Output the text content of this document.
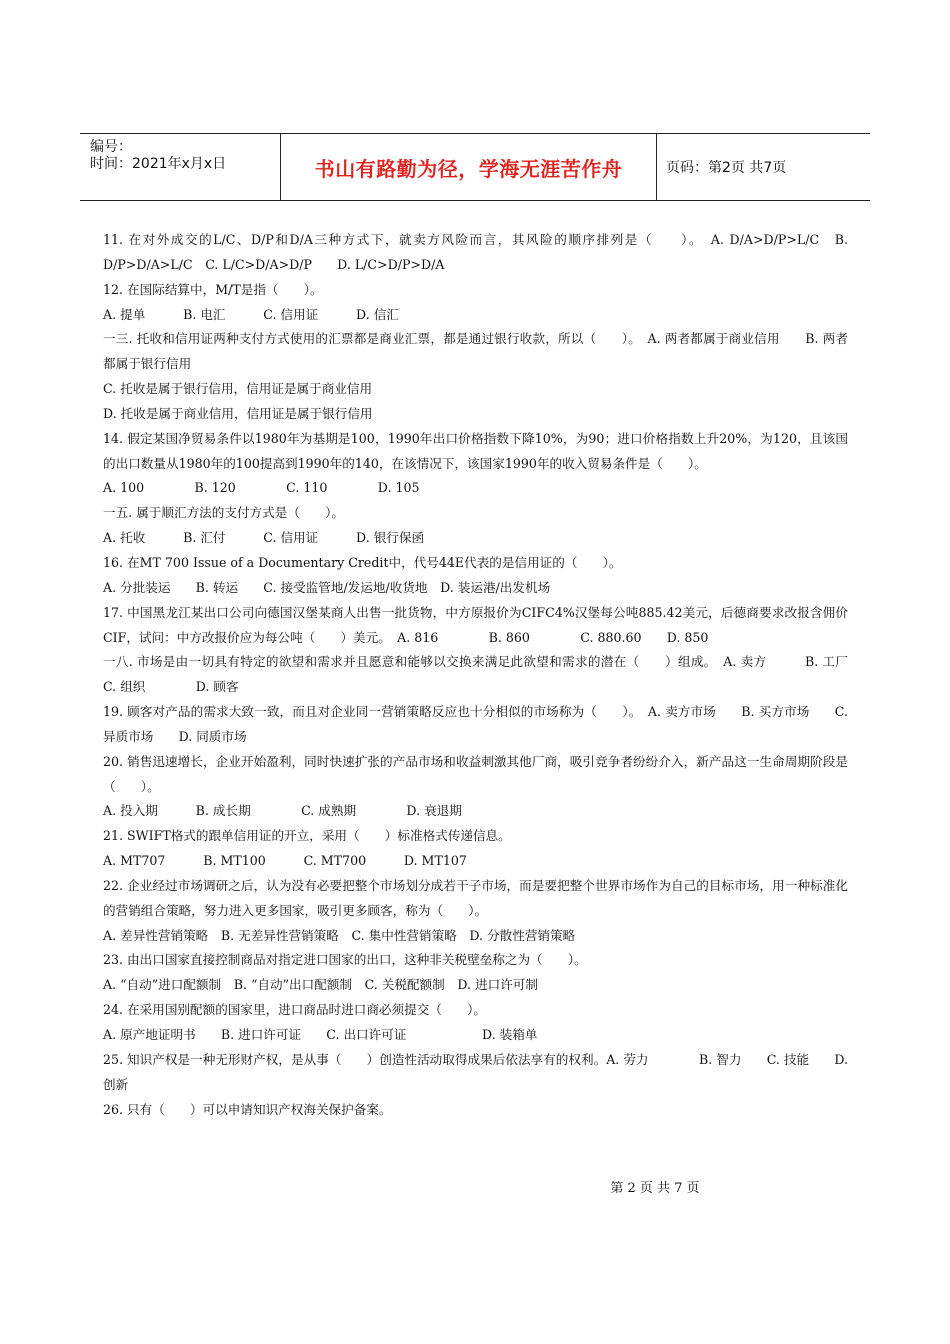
编号：
时间：2021年x月x日	书山有路勤为径，学海无涯苦作舟	页码：第2页 共7页

11. 在对外成交的L/C、D/P和D/A三种方式下，就卖方风险而言，其风险的顺序排列是（　　）。　A. D/A>D/P>L/C　B. D/P>D/A>L/C　C. L/C>D/A>D/P　　D. L/C>D/P>D/A

12. 在国际结算中，M/T是指（　　）。

A. 提单　　　B. 电汇　　　C. 信用证　　　D. 信汇

一三. 托收和信用证两种支付方式使用的汇票都是商业汇票，都是通过银行收款，所以（　　）。　A. 两者都属于商业信用　　B. 两者都属于银行信用

C. 托收是属于银行信用，信用证是属于商业信用

D. 托收是属于商业信用，信用证是属于银行信用

14. 假定某国净贸易条件以1980年为基期是100，1990年出口价格指数下降10%，为90；进口价格指数上升20%，为120，且该国的出口数量从1980年的100提高到1990年的140，在该情况下，该国家1990年的收入贸易条件是（　　）。

A. 100　　　　B. 120　　　　C. 110　　　　D. 105

一五. 属于顺汇方法的支付方式是（　　）。

A. 托收　　　B. 汇付　　　C. 信用证　　　D. 银行保函

16. 在MT 700 Issue of a Documentary Credit中，代号44E代表的是信用证的（　　）。

A. 分批装运　　B. 转运　　C. 接受监管地/发运地/收货地　D. 装运港/出发机场

17. 中国黑龙江某出口公司向德国汉堡某商人出售一批货物，中方原报价为CIFC4%汉堡每公吨885.42美元，后德商要求改报含佣价CIF，试问：中方改报价应为每公吨（　　）美元。　A. 816　　　　B. 860　　　　C. 880.60　　D. 850

一八. 市场是由一切具有特定的欲望和需求并且愿意和能够以交换来满足此欲望和需求的潜在（　　）组成。　A. 卖方　　　B. 工厂　　　C. 组织　　　　D. 顾客

19. 顾客对产品的需求大致一致，而且对企业同一营销策略反应也十分相似的市场称为（　　）。　A. 卖方市场　　B. 买方市场　　C. 异质市场　　D. 同质市场

20. 销售迅速增长，企业开始盈利，同时快速扩张的产品市场和收益刺激其他厂商，吸引竞争者纷纷介入，新产品这一生命周期阶段是（　　）。

A. 投入期　　　B. 成长期　　　　C. 成熟期　　　　D. 衰退期

21. SWIFT格式的跟单信用证的开立，采用（　　）标准格式传递信息。

A. MT707　　　B. MT100　　　C. MT700　　　D. MT107

22. 企业经过市场调研之后，认为没有必要把整个市场划分成若干子市场，而是要把整个世界市场作为自己的目标市场，用一种标准化的营销组合策略，努力进入更多国家，吸引更多顾客，称为（　　）。

A. 差异性营销策略　B. 无差异性营销策略　C. 集中性营销策略　D. 分散性营销策略

23. 由出口国家直接控制商品对指定进口国家的出口，这种非关税壁垒称之为（　　）。

A. “自动”进口配额制　B. “自动”出口配额制　C. 关税配额制　D. 进口许可制

24. 在采用国别配额的国家里，进口商品时进口商必须提交（　　）。

A. 原产地证明书　　B. 进口许可证　　C. 出口许可证　　　　　　D. 装箱单

25. 知识产权是一种无形财产权，是从事（　　）创造性活动取得成果后依法享有的权利。A. 劳力　　　　B. 智力　　C. 技能　　D. 创新

26. 只有（　　）可以申请知识产权海关保护备案。

第 2 页 共 7 页
